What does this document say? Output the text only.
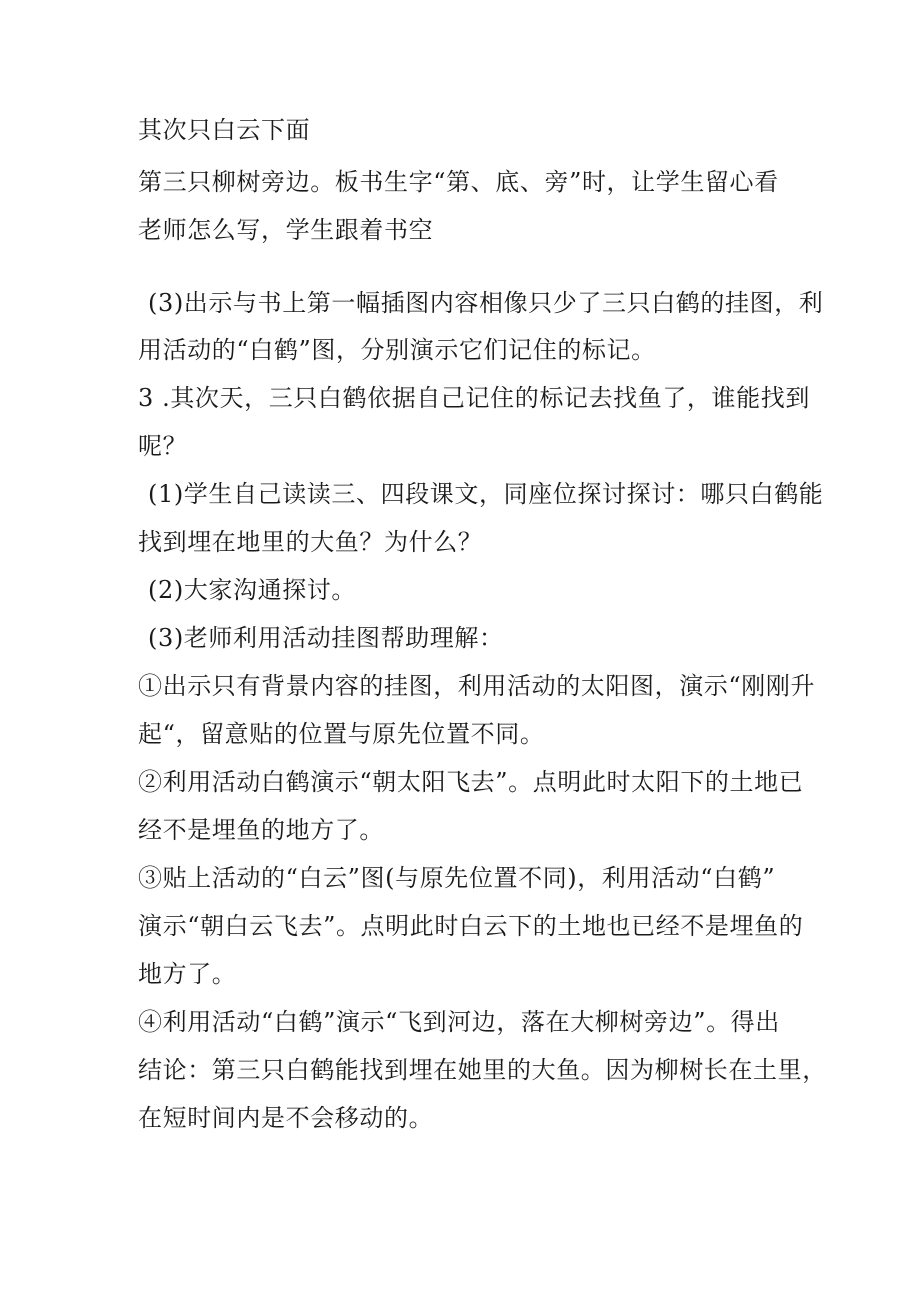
其次只白云下面

第三只柳树旁边。板书生字“第、底、旁”时，让学生留心看

老师怎么写，学生跟着书空

(3)出示与书上第一幅插图内容相像只少了三只白鹤的挂图，利

用活动的“白鹤”图，分别演示它们记住的标记。

3 .其次天，三只白鹤依据自己记住的标记去找鱼了，谁能找到

呢？

(1)学生自己读读三、四段课文，同座位探讨探讨：哪只白鹤能

找到埋在地里的大鱼？为什么？

(2)大家沟通探讨。

(3)老师利用活动挂图帮助理解：

①出示只有背景内容的挂图，利用活动的太阳图，演示“刚刚升

起“，留意贴的位置与原先位置不同。

②利用活动白鹤演示“朝太阳飞去”。点明此时太阳下的土地已

经不是埋鱼的地方了。

③贴上活动的“白云”图(与原先位置不同)，利用活动“白鹤”

演示“朝白云飞去”。点明此时白云下的土地也已经不是埋鱼的

地方了。

④利用活动“白鹤”演示“飞到河边，落在大柳树旁边”。得出

结论：第三只白鹤能找到埋在她里的大鱼。因为柳树长在土里，

在短时间内是不会移动的。
